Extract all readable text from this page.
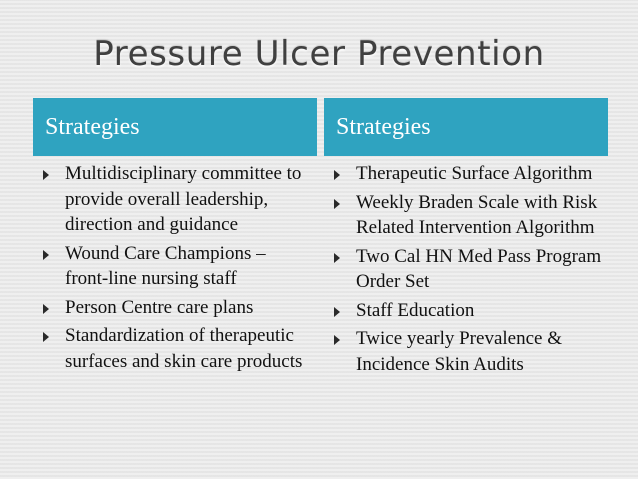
Pressure Ulcer Prevention
Strategies	Strategies
Multidisciplinary committee to provide overall leadership, direction and guidance
Wound Care Champions – front-line nursing staff
Person Centre care plans
Standardization of therapeutic surfaces and skin care products
Therapeutic Surface Algorithm
Weekly Braden Scale with Risk Related Intervention Algorithm
Two Cal HN Med Pass Program Order Set
Staff Education
Twice yearly Prevalence & Incidence Skin Audits
